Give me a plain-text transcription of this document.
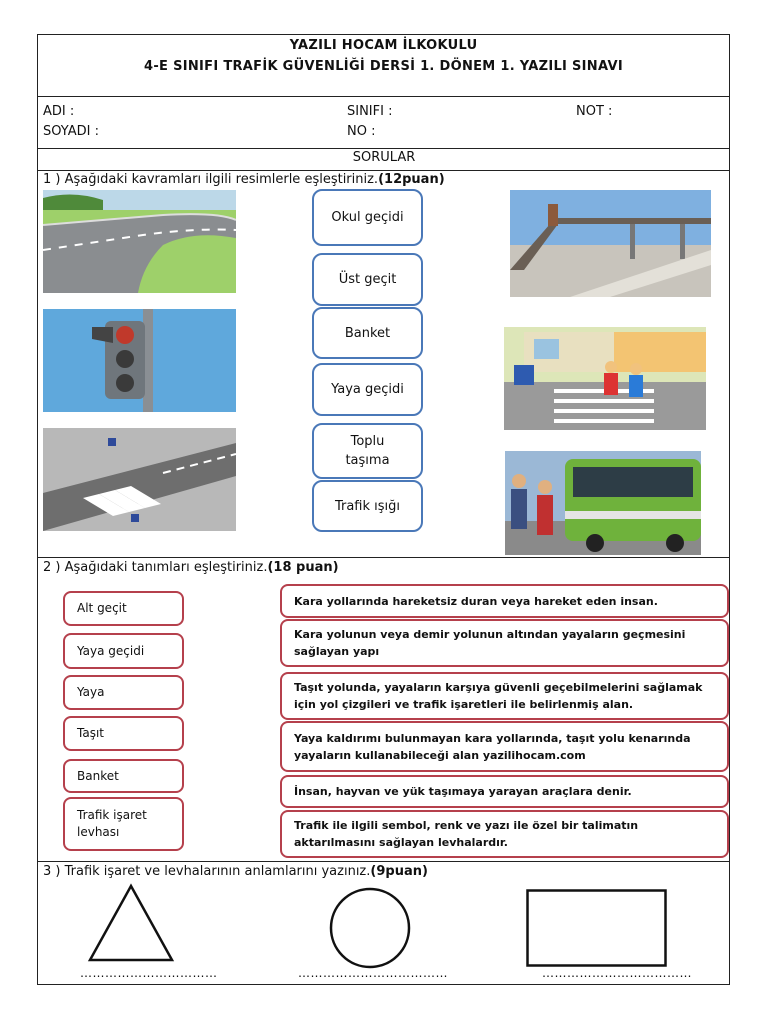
YAZILI HOCAM İLKOKULU
4-E SINIFI TRAFİK GÜVENLİĞİ DERSİ 1. DÖNEM 1. YAZILI SINAVI
ADI :
SOYADI :
SINIFI :
NO :
NOT :
SORULAR
1 ) Aşağıdaki kavramları ilgili resimlerle eşleştiriniz.(12puan)
Okul geçidi
Üst geçit
Banket
Yaya geçidi
Toplu taşıma
Trafik ışığı
2 ) Aşağıdaki tanımları eşleştiriniz.(18 puan)
Alt geçit
Yaya geçidi
Yaya
Taşıt
Banket
Trafik işaret levhası
Kara yollarında hareketsiz duran veya hareket eden insan.
Kara yolunun veya demir yolunun altından yayaların geçmesini sağlayan yapı
Taşıt yolunda, yayaların karşıya güvenli geçebilmelerini sağlamak için yol çizgileri ve trafik işaretleri ile belirlenmiş alan.
Yaya kaldırımı bulunmayan kara yollarında, taşıt yolu kenarında yayaların kullanabileceği alan yazilihocam.com
İnsan, hayvan ve yük taşımaya yarayan araçlara denir.
Trafik ile ilgili sembol, renk ve yazı ile özel bir talimatın aktarılmasını sağlayan levhalardır.
3 ) Trafik işaret ve levhalarının anlamlarını yazınız.(9puan)
……………………………	………………………………	………………………………
